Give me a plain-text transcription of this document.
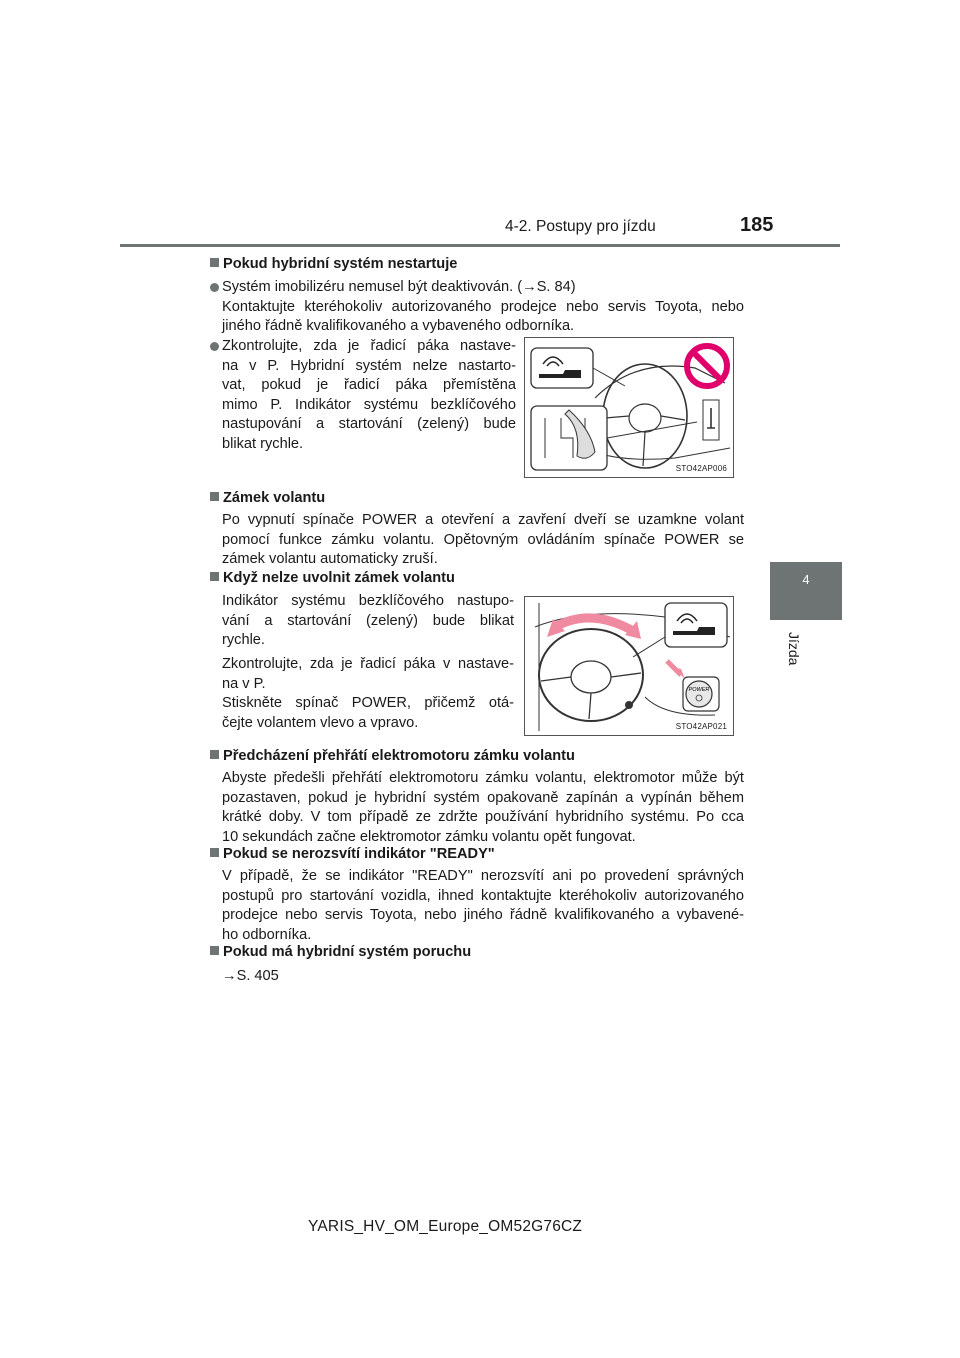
4-2. Postupy pro jízdu	185
4
Jízda
Pokud hybridní systém nestartuje
Systém imobilizéru nemusel být deaktivován. (→S. 84)
Kontaktujte kteréhokoliv autorizovaného prodejce nebo servis Toyota, nebo
jiného řádně kvalifikovaného a vybaveného odborníka.
Zkontrolujte, zda je řadicí páka nastave-
na v P. Hybridní systém nelze nastarto-
vat, pokud je řadicí páka přemístěna
mimo P. Indikátor systému bezklíčového
nastupování a startování (zelený) bude
blikat rychle.
STO42AP006
Zámek volantu
Po vypnutí spínače POWER a otevření a zavření dveří se uzamkne volant
pomocí funkce zámku volantu. Opětovným ovládáním spínače POWER se
zámek volantu automaticky zruší.
Když nelze uvolnit zámek volantu
Indikátor systému bezklíčového nastupo-
vání a startování (zelený) bude blikat
rychle.
Zkontrolujte, zda je řadicí páka v nastave-
na v P.
Stiskněte spínač POWER, přičemž otá-
čejte volantem vlevo a vpravo.
POWER
STO42AP021
Předcházení přehřátí elektromotoru zámku volantu
Abyste předešli přehřátí elektromotoru zámku volantu, elektromotor může být
pozastaven, pokud je hybridní systém opakovaně zapínán a vypínán během
krátké doby. V tom případě ze zdržte používání hybridního systému. Po cca
10 sekundách začne elektromotor zámku volantu opět fungovat.
Pokud se nerozsvítí indikátor "READY"
V případě, že se indikátor "READY" nerozsvítí ani po provedení správných
postupů pro startování vozidla, ihned kontaktujte kteréhokoliv autorizovaného
prodejce nebo servis Toyota, nebo jiného řádně kvalifikovaného a vybavené-
ho odborníka.
Pokud má hybridní systém poruchu
→S. 405
YARIS_HV_OM_Europe_OM52G76CZ
